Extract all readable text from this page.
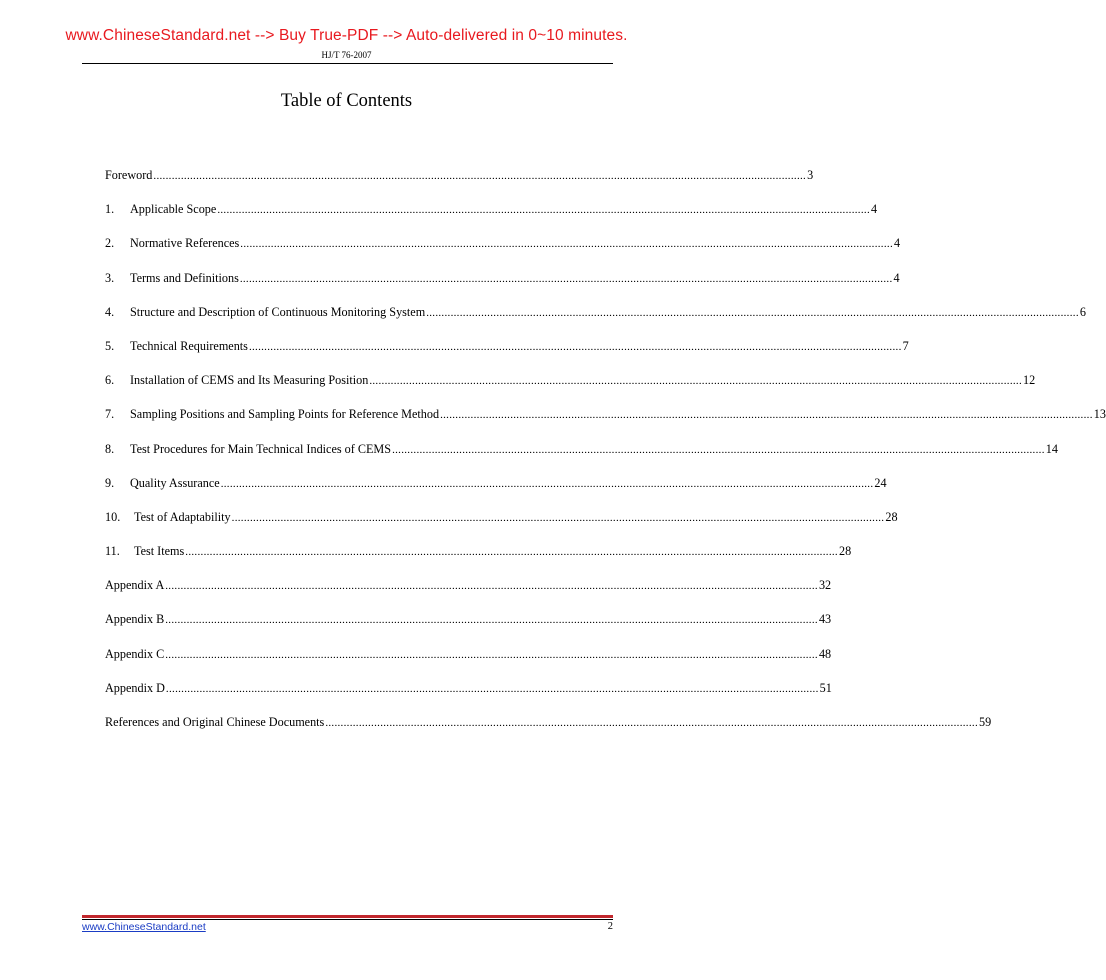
www.ChineseStandard.net --> Buy True-PDF --> Auto-delivered in 0~10 minutes.
HJ/T 76-2007
Table of Contents
Foreword ...................................................................................................................................................................................................................... 3
1.	Applicable Scope ...................................................................................................................................................................................................................... 4
2.	Normative References ...................................................................................................................................................................................................................... 4
3.	Terms and Definitions ...................................................................................................................................................................................................................... 4
4.	Structure and Description of Continuous Monitoring System ...................................................................................................................................................................................................................... 6
5.	Technical Requirements ...................................................................................................................................................................................................................... 7
6.	Installation of CEMS and Its Measuring Position ...................................................................................................................................................................................................................... 12
7.	Sampling Positions and Sampling Points for Reference Method ...................................................................................................................................................................................................................... 13
8.	Test Procedures for Main Technical Indices of CEMS ...................................................................................................................................................................................................................... 14
9.	Quality Assurance ...................................................................................................................................................................................................................... 24
10.	Test of Adaptability ...................................................................................................................................................................................................................... 28
11.	Test Items ...................................................................................................................................................................................................................... 28
Appendix A ...................................................................................................................................................................................................................... 32
Appendix B ...................................................................................................................................................................................................................... 43
Appendix C ...................................................................................................................................................................................................................... 48
Appendix D ...................................................................................................................................................................................................................... 51
References and Original Chinese Documents ...................................................................................................................................................................................................................... 59
www.ChineseStandard.net	2
